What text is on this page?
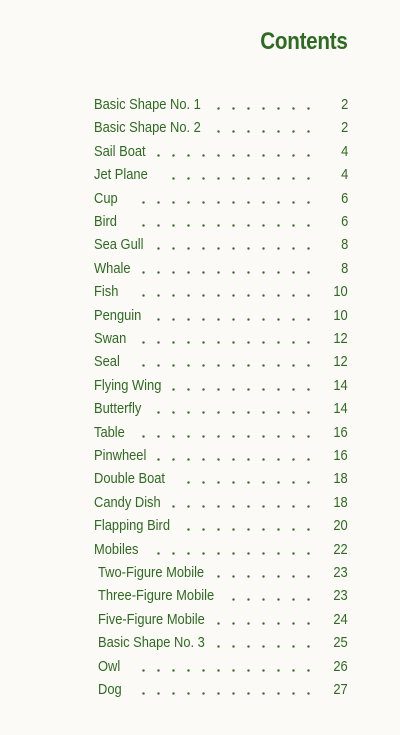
Contents
Basic Shape No. 1	2
Basic Shape No. 2	2
Sail Boat	4
Jet Plane	4
Cup	6
Bird	6
Sea Gull	8
Whale	8
Fish	10
Penguin	10
Swan	12
Seal	12
Flying Wing	14
Butterfly	14
Table	16
Pinwheel	16
Double Boat	18
Candy Dish	18
Flapping Bird	20
Mobiles	22
Two-Figure Mobile	23
Three-Figure Mobile	23
Five-Figure Mobile	24
Basic Shape No. 3	25
Owl	26
Dog	27
